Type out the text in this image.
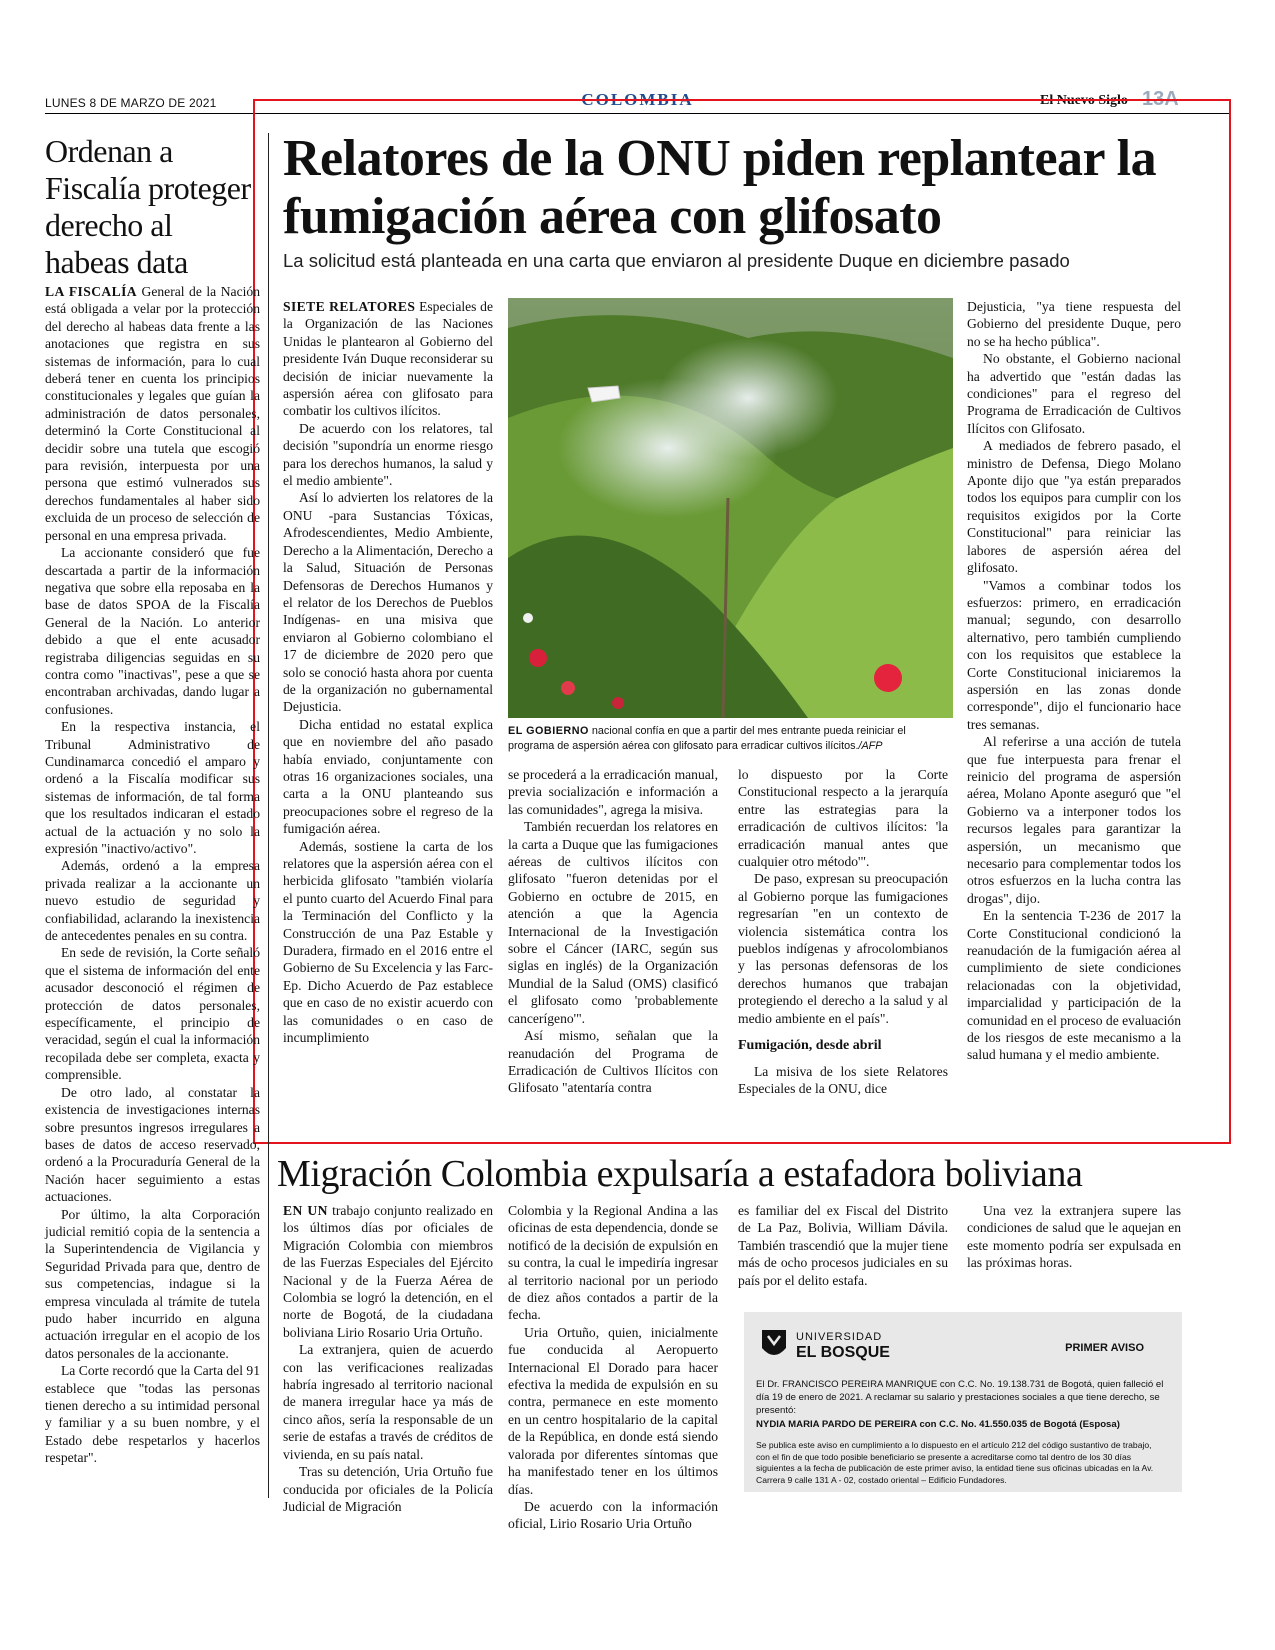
LUNES 8 DE MARZO DE 2021	COLOMBIA	El Nuevo Siglo 13A
Ordenan a Fiscalía proteger derecho al habeas data

LA FISCALÍA General de la Nación está obligada a velar por la protección del derecho al habeas data frente a las anotaciones que registra en sus sistemas de información, para lo cual deberá tener en cuenta los principios constitucionales y legales que guían la administración de datos personales, determinó la Corte Constitucional al decidir sobre una tutela que escogió para revisión, interpuesta por una persona que estimó vulnerados sus derechos fundamentales al haber sido excluida de un proceso de selección de personal en una empresa privada.

La accionante consideró que fue descartada a partir de la información negativa que sobre ella reposaba en la base de datos SPOA de la Fiscalía General de la Nación. Lo anterior debido a que el ente acusador registraba diligencias seguidas en su contra como "inactivas", pese a que se encontraban archivadas, dando lugar a confusiones.

En la respectiva instancia, el Tribunal Administrativo de Cundinamarca concedió el amparo y ordenó a la Fiscalía modificar sus sistemas de información, de tal forma que los resultados indicaran el estado actual de la actuación y no solo la expresión "inactivo/activo".

Además, ordenó a la empresa privada realizar a la accionante un nuevo estudio de seguridad y confiabilidad, aclarando la inexistencia de antecedentes penales en su contra.

En sede de revisión, la Corte señaló que el sistema de información del ente acusador desconoció el régimen de protección de datos personales, específicamente, el principio de veracidad, según el cual la información recopilada debe ser completa, exacta y comprensible.

De otro lado, al constatar la existencia de investigaciones internas sobre presuntos ingresos irregulares a bases de datos de acceso reservado, ordenó a la Procuraduría General de la Nación hacer seguimiento a estas actuaciones.

Por último, la alta Corporación judicial remitió copia de la sentencia a la Superintendencia de Vigilancia y Seguridad Privada para que, dentro de sus competencias, indague si la empresa vinculada al trámite de tutela pudo haber incurrido en alguna actuación irregular en el acopio de los datos personales de la accionante.

La Corte recordó que la Carta del 91 establece que "todas las personas tienen derecho a su intimidad personal y familiar y a su buen nombre, y el Estado debe respetarlos y hacerlos respetar".

Relatores de la ONU piden replantear la fumigación aérea con glifosato
La solicitud está planteada en una carta que enviaron al presidente Duque en diciembre pasado

SIETE RELATORES Especiales de la Organización de las Naciones Unidas le plantearon al Gobierno del presidente Iván Duque reconsiderar su decisión de iniciar nuevamente la aspersión aérea con glifosato para combatir los cultivos ilícitos.

De acuerdo con los relatores, tal decisión "supondría un enorme riesgo para los derechos humanos, la salud y el medio ambiente".

Así lo advierten los relatores de la ONU -para Sustancias Tóxicas, Afrodescendientes, Medio Ambiente, Derecho a la Alimentación, Derecho a la Salud, Situación de Personas Defensoras de Derechos Humanos y el relator de los Derechos de Pueblos Indígenas- en una misiva que enviaron al Gobierno colombiano el 17 de diciembre de 2020 pero que solo se conoció hasta ahora por cuenta de la organización no gubernamental Dejusticia.

Dicha entidad no estatal explica que en noviembre del año pasado había enviado, conjuntamente con otras 16 organizaciones sociales, una carta a la ONU planteando sus preocupaciones sobre el regreso de la fumigación aérea.

Además, sostiene la carta de los relatores que la aspersión aérea con el herbicida glifosato "también violaría el punto cuarto del Acuerdo Final para la Terminación del Conflicto y la Construcción de una Paz Estable y Duradera, firmado en el 2016 entre el Gobierno de Su Excelencia y las Farc-Ep. Dicho Acuerdo de Paz establece que en caso de no existir acuerdo con las comunidades o en caso de incumplimiento

EL GOBIERNO nacional confía en que a partir del mes entrante pueda reiniciar el programa de aspersión aérea con glifosato para erradicar cultivos ilícitos./AFP

se procederá a la erradicación manual, previa socialización e información a las comunidades", agrega la misiva.

También recuerdan los relatores en la carta a Duque que las fumigaciones aéreas de cultivos ilícitos con glifosato "fueron detenidas por el Gobierno en octubre de 2015, en atención a que la Agencia Internacional de la Investigación sobre el Cáncer (IARC, según sus siglas en inglés) de la Organización Mundial de la Salud (OMS) clasificó el glifosato como 'probablemente cancerígeno'".

Así mismo, señalan que la reanudación del Programa de Erradicación de Cultivos Ilícitos con Glifosato "atentaría contra

lo dispuesto por la Corte Constitucional respecto a la jerarquía entre las estrategias para la erradicación de cultivos ilícitos: 'la erradicación manual antes que cualquier otro método'".

De paso, expresan su preocupación al Gobierno porque las fumigaciones regresarían "en un contexto de violencia sistemática contra los pueblos indígenas y afrocolombianos y las personas defensoras de los derechos humanos que trabajan protegiendo el derecho a la salud y al medio ambiente en el país".

Fumigación, desde abril

La misiva de los siete Relatores Especiales de la ONU, dice

Dejusticia, "ya tiene respuesta del Gobierno del presidente Duque, pero no se ha hecho pública".

No obstante, el Gobierno nacional ha advertido que "están dadas las condiciones" para el regreso del Programa de Erradicación de Cultivos Ilícitos con Glifosato.

A mediados de febrero pasado, el ministro de Defensa, Diego Molano Aponte dijo que "ya están preparados todos los equipos para cumplir con los requisitos exigidos por la Corte Constitucional" para reiniciar las labores de aspersión aérea del glifosato.

"Vamos a combinar todos los esfuerzos: primero, en erradicación manual; segundo, con desarrollo alternativo, pero también cumpliendo con los requisitos que establece la Corte Constitucional iniciaremos la aspersión en las zonas donde corresponde", dijo el funcionario hace tres semanas.

Al referirse a una acción de tutela que fue interpuesta para frenar el reinicio del programa de aspersión aérea, Molano Aponte aseguró que "el Gobierno va a interponer todos los recursos legales para garantizar la aspersión, un mecanismo que necesario para complementar todos los otros esfuerzos en la lucha contra las drogas", dijo.

En la sentencia T-236 de 2017 la Corte Constitucional condicionó la reanudación de la fumigación aérea al cumplimiento de siete condiciones relacionadas con la objetividad, imparcialidad y participación de la comunidad en el proceso de evaluación de los riesgos de este mecanismo a la salud humana y el medio ambiente.

Migración Colombia expulsaría a estafadora boliviana

EN UN trabajo conjunto realizado en los últimos días por oficiales de Migración Colombia con miembros de las Fuerzas Especiales del Ejército Nacional y de la Fuerza Aérea de Colombia se logró la detención, en el norte de Bogotá, de la ciudadana boliviana Lirio Rosario Uria Ortuño.

La extranjera, quien de acuerdo con las verificaciones realizadas habría ingresado al territorio nacional de manera irregular hace ya más de cinco años, sería la responsable de un serie de estafas a través de créditos de vivienda, en su país natal.

Tras su detención, Uria Ortuño fue conducida por oficiales de la Policía Judicial de Migración

Colombia y la Regional Andina a las oficinas de esta dependencia, donde se notificó de la decisión de expulsión en su contra, la cual le impediría ingresar al territorio nacional por un periodo de diez años contados a partir de la fecha.

Uria Ortuño, quien, inicialmente fue conducida al Aeropuerto Internacional El Dorado para hacer efectiva la medida de expulsión en su contra, permanece en este momento en un centro hospitalario de la capital de la República, en donde está siendo valorada por diferentes síntomas que ha manifestado tener en los últimos días.

De acuerdo con la información oficial, Lirio Rosario Uria Ortuño

es familiar del ex Fiscal del Distrito de La Paz, Bolivia, William Dávila. También trascendió que la mujer tiene más de ocho procesos judiciales en su país por el delito estafa.

Una vez la extranjera supere las condiciones de salud que le aquejan en este momento podría ser expulsada en las próximas horas.

UNIVERSIDAD
EL BOSQUE	PRIMER AVISO
El Dr. FRANCISCO PEREIRA MANRIQUE con C.C. No. 19.138.731 de Bogotá, quien falleció el día 19 de enero de 2021. A reclamar su salario y prestaciones sociales a que tiene derecho, se presentó:
NYDIA MARIA PARDO DE PEREIRA con C.C. No. 41.550.035 de Bogotá (Esposa)
Se publica este aviso en cumplimiento a lo dispuesto en el artículo 212 del código sustantivo de trabajo, con el fin de que todo posible beneficiario se presente a acreditarse como tal dentro de los 30 días siguientes a la fecha de publicación de este primer aviso, la entidad tiene sus oficinas ubicadas en la Av. Carrera 9 calle 131 A - 02, costado oriental – Edificio Fundadores.
